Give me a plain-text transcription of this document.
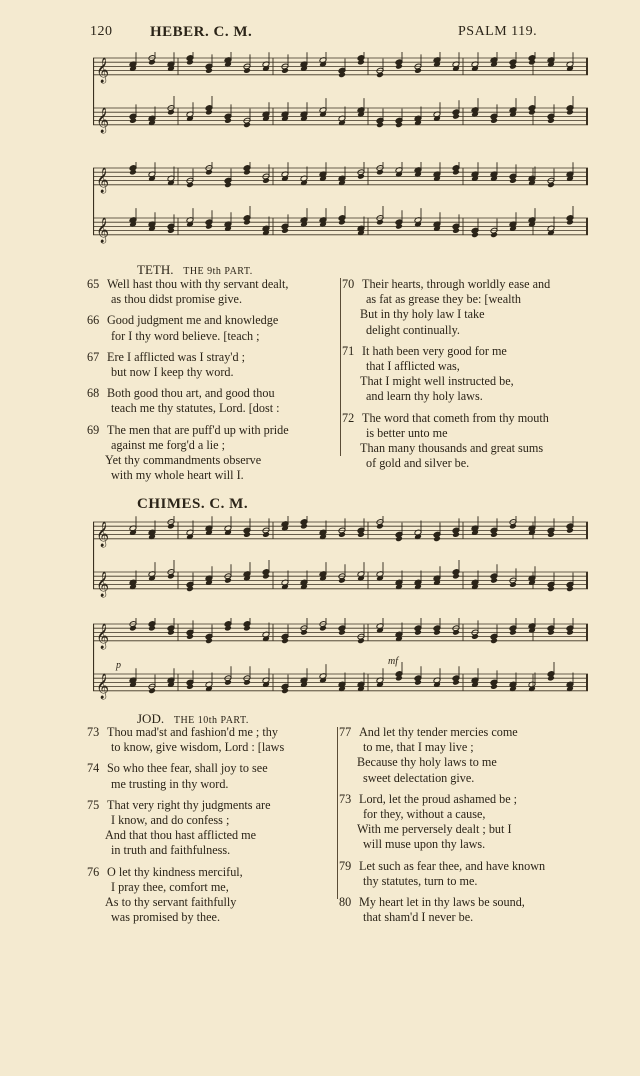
120	HEBER. C. M.	PSALM 119.
𝄞
𝄞
𝄞
𝄞
TETH. THE 9th PART.
65 Well hast thou with thy servant dealt,
as thou didst promise give.
66 Good judgment me and knowledge
for I thy word believe. [teach ;
67 Ere I afflicted was I stray'd ;
but now I keep thy word.
68 Both good thou art, and good thou
teach me thy statutes, Lord. [dost :
69 The men that are puff'd up with pride
against me forg'd a lie ;
Yet thy commandments observe
with my whole heart will I.
70 Their hearts, through worldly ease and
as fat as grease they be: [wealth
But in thy holy law I take
delight continually.
71 It hath been very good for me
that I afflicted was,
That I might well instructed be,
and learn thy holy laws.
72 The word that cometh from thy mouth
is better unto me
Than many thousands and great sums
of gold and silver be.
CHIMES. C. M.
𝄞
𝄞
𝄞
𝄞
p	mf
JOD. THE 10th PART.
73 Thou mad'st and fashion'd me ; thy
to know, give wisdom, Lord : [laws
74 So who thee fear, shall joy to see
me trusting in thy word.
75 That very right thy judgments are
I know, and do confess ;
And that thou hast afflicted me
in truth and faithfulness.
76 O let thy kindness merciful,
I pray thee, comfort me,
As to thy servant faithfully
was promised by thee.
77 And let thy tender mercies come
to me, that I may live ;
Because thy holy laws to me
sweet delectation give.
73 Lord, let the proud ashamed be ;
for they, without a cause,
With me perversely dealt ; but I
will muse upon thy laws.
79 Let such as fear thee, and have known
thy statutes, turn to me.
80 My heart let in thy laws be sound,
that sham'd I never be.
